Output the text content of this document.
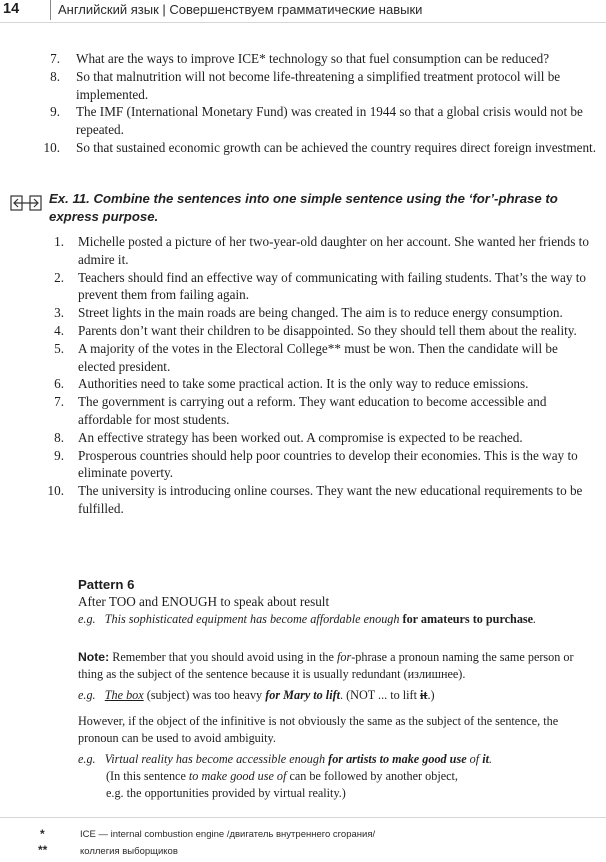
14	Английский язык | Совершенствуем грамматические навыки
7. What are the ways to improve ICE* technology so that fuel consumption can be reduced?
8. So that malnutrition will not become life-threatening a simplified treatment protocol will be implemented.
9. The IMF (International Monetary Fund) was created in 1944 so that a global crisis would not be repeated.
10. So that sustained economic growth can be achieved the country requires direct foreign investment.
Ex. 11. Combine the sentences into one simple sentence using the ‘for’-phrase to express purpose.
1. Michelle posted a picture of her two-year-old daughter on her account. She wanted her friends to admire it.
2. Teachers should find an effective way of communicating with failing students. That’s the way to prevent them from failing again.
3. Street lights in the main roads are being changed. The aim is to reduce energy consumption.
4. Parents don’t want their children to be disappointed. So they should tell them about the reality.
5. A majority of the votes in the Electoral College** must be won. Then the candidate will be elected president.
6. Authorities need to take some practical action. It is the only way to reduce emissions.
7. The government is carrying out a reform. They want education to become accessible and affordable for most students.
8. An effective strategy has been worked out. A compromise is expected to be reached.
9. Prosperous countries should help poor countries to develop their economies. This is the way to eliminate poverty.
10. The university is introducing online courses. They want the new educational requirements to be fulfilled.
Pattern 6
After TOO and ENOUGH to speak about result
e.g. This sophisticated equipment has become affordable enough for amateurs to purchase.
Note: Remember that you should avoid using in the for-phrase a pronoun naming the same person or thing as the subject of the sentence because it is usually redundant (излишнее).
e.g. The box (subject) was too heavy for Mary to lift. (NOT ... to lift it.)
However, if the object of the infinitive is not obviously the same as the subject of the sentence, the pronoun can be used to avoid ambiguity.
e.g. Virtual reality has become accessible enough for artists to make good use of it.
(In this sentence to make good use of can be followed by another object,
e.g. the opportunities provided by virtual reality.)
*	ICE — internal combustion engine /двигатель внутреннего сгорания/
**	коллегия выборщиков
